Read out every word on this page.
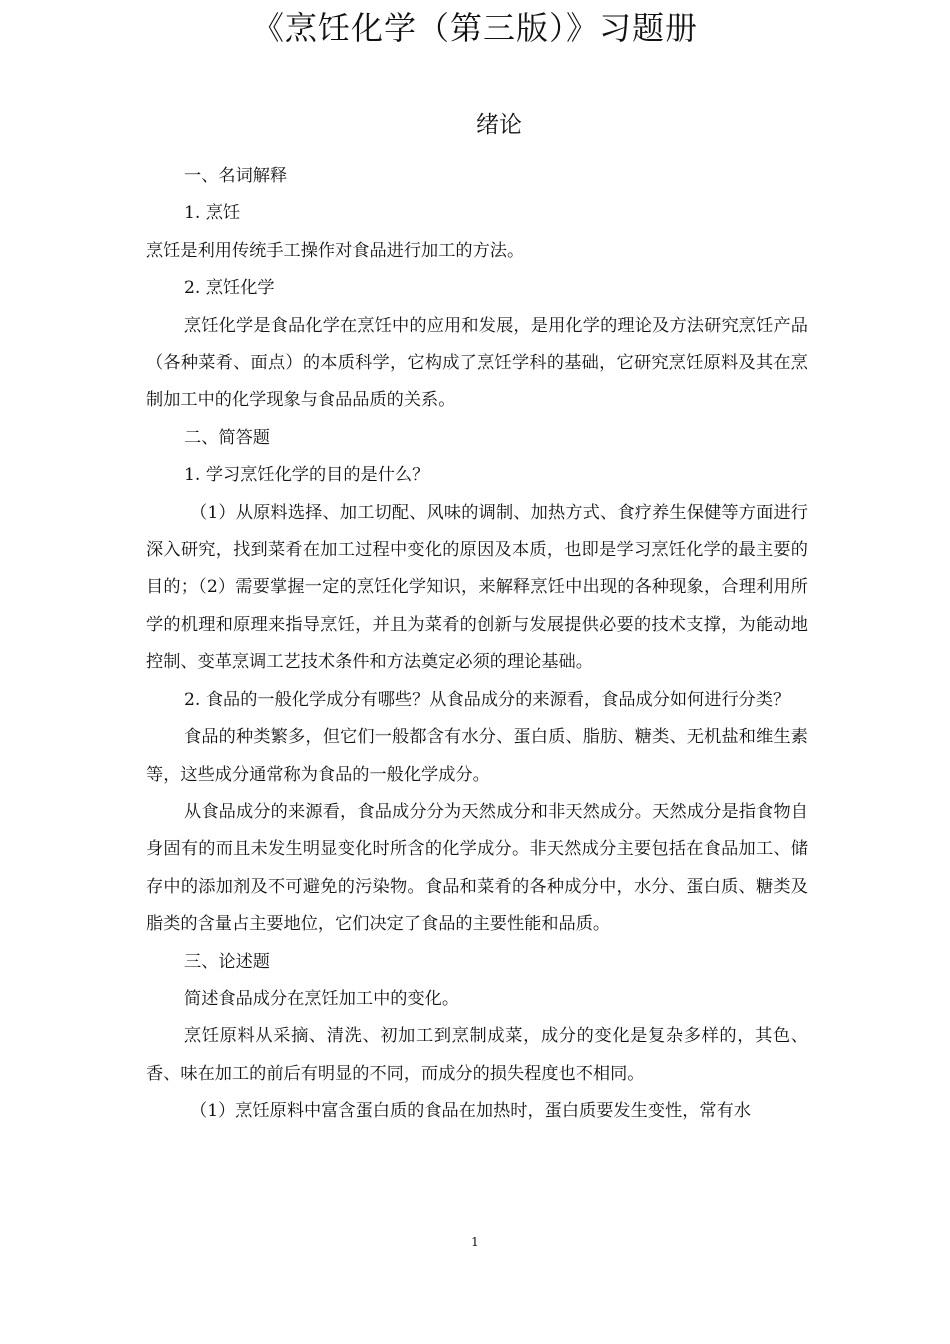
《烹饪化学（第三版）》习题册
绪论

一、名词解释

1. 烹饪

烹饪是利用传统手工操作对食品进行加工的方法。

2. 烹饪化学

烹饪化学是食品化学在烹饪中的应用和发展，是用化学的理论及方法研究烹饪产品（各种菜肴、面点）的本质科学，它构成了烹饪学科的基础，它研究烹饪原料及其在烹制加工中的化学现象与食品品质的关系。

二、简答题

1. 学习烹饪化学的目的是什么？

（1）从原料选择、加工切配、风味的调制、加热方式、食疗养生保健等方面进行深入研究，找到菜肴在加工过程中变化的原因及本质，也即是学习烹饪化学的最主要的目的；（2）需要掌握一定的烹饪化学知识，来解释烹饪中出现的各种现象，合理利用所学的机理和原理来指导烹饪，并且为菜肴的创新与发展提供必要的技术支撑，为能动地控制、变革烹调工艺技术条件和方法奠定必须的理论基础。

2. 食品的一般化学成分有哪些？从食品成分的来源看，食品成分如何进行分类？

食品的种类繁多，但它们一般都含有水分、蛋白质、脂肪、糖类、无机盐和维生素等，这些成分通常称为食品的一般化学成分。

从食品成分的来源看，食品成分分为天然成分和非天然成分。天然成分是指食物自身固有的而且未发生明显变化时所含的化学成分。非天然成分主要包括在食品加工、储存中的添加剂及不可避免的污染物。食品和菜肴的各种成分中，水分、蛋白质、糖类及脂类的含量占主要地位，它们决定了食品的主要性能和品质。

三、论述题

简述食品成分在烹饪加工中的变化。

烹饪原料从采摘、清洗、初加工到烹制成菜，成分的变化是复杂多样的，其色、香、味在加工的前后有明显的不同，而成分的损失程度也不相同。

（1）烹饪原料中富含蛋白质的食品在加热时，蛋白质要发生变性，常有水

1
